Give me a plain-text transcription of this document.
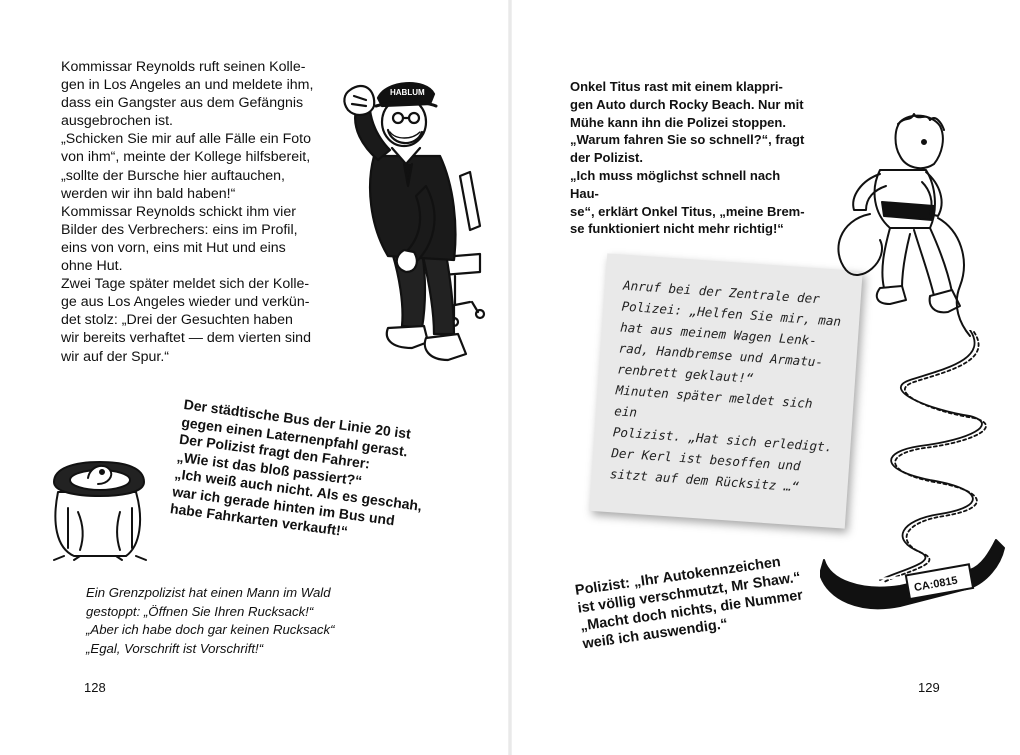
Kommissar Reynolds ruft seinen Kolle-
gen in Los Angeles an und meldete ihm,
dass ein Gangster aus dem Gefängnis
ausgebrochen ist.
„Schicken Sie mir auf alle Fälle ein Foto
von ihm“, meinte der Kollege hilfsbereit,
„sollte der Bursche hier auftauchen,
werden wir ihn bald haben!“
Kommissar Reynolds schickt ihm vier
Bilder des Verbrechers: eins im Profil,
eins von vorn, eins mit Hut und eins
ohne Hut.
Zwei Tage später meldet sich der Kolle-
ge aus Los Angeles wieder und verkün-
det stolz: „Drei der Gesuchten haben
wir bereits verhaftet — dem vierten sind
wir auf der Spur.“

HABLUM

Der städtische Bus der Linie 20 ist
gegen einen Laternenpfahl gerast.
Der Polizist fragt den Fahrer:
„Wie ist das bloß passiert?“
„Ich weiß auch nicht. Als es geschah,
war ich gerade hinten im Bus und
habe Fahrkarten verkauft!“

Ein Grenzpolizist hat einen Mann im Wald
gestoppt: „Öffnen Sie Ihren Rucksack!“
„Aber ich habe doch gar keinen Rucksack“
„Egal, Vorschrift ist Vorschrift!“

128

Onkel Titus rast mit einem klappri-
gen Auto durch Rocky Beach. Nur mit
Mühe kann ihn die Polizei stoppen.
„Warum fahren Sie so schnell?“, fragt
der Polizist.
„Ich muss möglichst schnell nach Hau-
se“, erklärt Onkel Titus, „meine Brem-
se funktioniert nicht mehr richtig!“

Anruf bei der Zentrale der
Polizei: „Helfen Sie mir, man
hat aus meinem Wagen Lenk-
rad, Handbremse und Armatu-
renbrett geklaut!“
Minuten später meldet sich ein
Polizist. „Hat sich erledigt.
Der Kerl ist besoffen und
sitzt auf dem Rücksitz …“

CA:0815

Polizist: „Ihr Autokennzeichen
ist völlig verschmutzt, Mr Shaw.“
„Macht doch nichts, die Nummer
weiß ich auswendig.“

129
